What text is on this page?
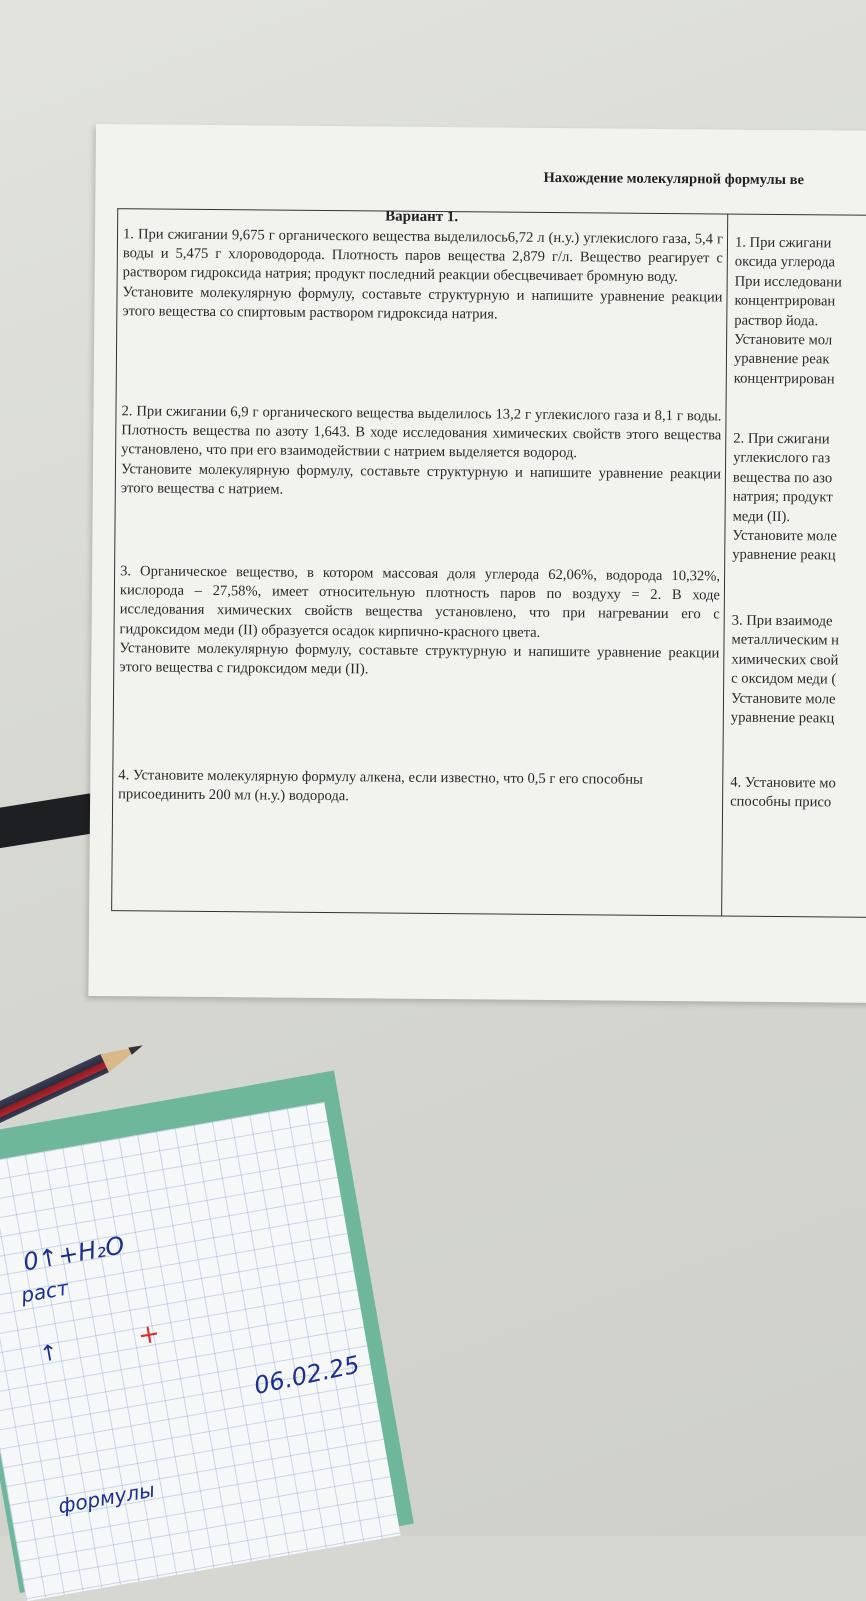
Нахождение молекулярной формулы ве
Вариант 1.

1. При сжигании 9,675 г органического вещества выделилось6,72 л (н.у.) углекислого газа, 5,4 г воды и 5,475 г хлороводорода. Плотность паров вещества 2,879 г/л. Вещество реагирует с раствором гидроксида натрия; продукт последний реакции обесцвечивает бромную воду.

Установите молекулярную формулу, составьте структурную и напишите уравнение реакции этого вещества со спиртовым раствором гидроксида натрия.

2. При сжигании 6,9 г органического вещества выделилось 13,2 г углекислого газа и 8,1 г воды. Плотность вещества по азоту 1,643. В ходе исследования химических свойств этого вещества установлено, что при его взаимодействии с натрием выделяется водород.

Установите молекулярную формулу, составьте структурную и напишите уравнение реакции этого вещества с натрием.

3. Органическое вещество, в котором массовая доля углерода 62,06%, водорода 10,32%, кислорода – 27,58%, имеет относительную плотность паров по воздуху = 2. В ходе исследования химических свойств вещества установлено, что при нагревании его с гидроксидом меди (II) образуется осадок кирпично-красного цвета.

Установите молекулярную формулу, составьте структурную и напишите уравнение реакции этого вещества с гидроксидом меди (II).

4. Установите молекулярную формулу алкена, если известно, что 0,5 г его способны присоединить 200 мл (н.у.) водорода.

1. При сжигани
оксида углерода
При исследовани
концентрирован
раствор йода.
Установите мол
уравнение реак
концентрирован
2. При сжигани
углекислого газ
вещества по азо
натрия; продукт
меди (II).
Установите моле
уравнение реакц
3. При взаимоде
металлическим н
химических свой
с оксидом меди (
Установите моле
уравнение реакц
4. Установите мо
способны присо
0↑+H₂O
раст
↑
+
06.02.25
формулы
